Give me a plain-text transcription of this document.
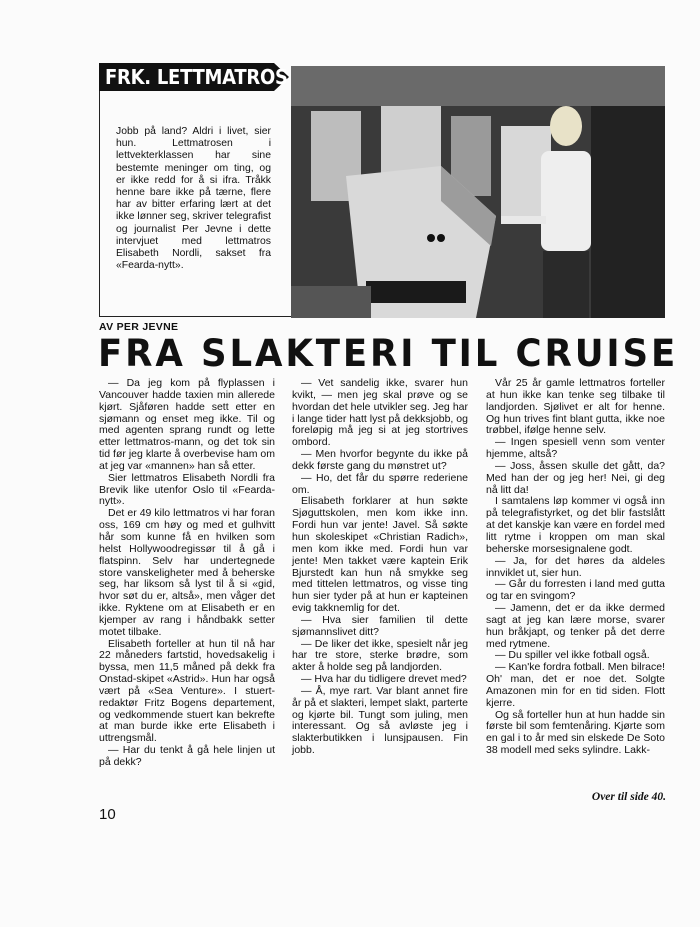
FRK. LETTMATROS
Jobb på land? Aldri i livet, sier hun. Lettmatrosen i lettvekterklassen har sine bestemte meninger om ting, og er ikke redd for å si ifra. Tråkk henne bare ikke på tærne, flere har av bitter erfaring lært at det ikke lønner seg, skriver telegrafist og journalist Per Jevne i dette intervjuet med lettmatros Elisabeth Nordli, sakset fra «Fearda-nytt».
AV PER JEVNE
FRA SLAKTERI TIL CRUISE

— Da jeg kom på flyplassen i Vancouver hadde taxien min allerede kjørt. Sjåføren hadde sett etter en sjømann og enset meg ikke. Til og med agenten sprang rundt og lette etter lettmatros-mann, og det tok sin tid før jeg klarte å overbevise ham om at jeg var «mannen» han så etter.

Sier lettmatros Elisabeth Nordli fra Brevik like utenfor Oslo til «Fearda-nytt».

Det er 49 kilo lettmatros vi har foran oss, 169 cm høy og med et gulhvitt hår som kunne få en hvilken som helst Hollywoodregissør til å gå i flatspinn. Selv har undertegnede store vanskeligheter med å beherske seg, har liksom så lyst til å si «gid, hvor søt du er, altså», men våger det ikke. Ryktene om at Elisabeth er en kjemper av rang i håndbakk setter motet tilbake.

Elisabeth forteller at hun til nå har 22 måneders fartstid, hovedsakelig i byssa, men 11,5 måned på dekk fra Onstad-skipet «Astrid». Hun har også vært på «Sea Venture». I stuert-redaktør Fritz Bogens departement, og vedkommende stuert kan bekrefte at man burde ikke erte Elisabeth i uttrengsmål.

— Har du tenkt å gå hele linjen ut på dekk?

— Vet sandelig ikke, svarer hun kvikt, — men jeg skal prøve og se hvordan det hele utvikler seg. Jeg har i lange tider hatt lyst på dekksjobb, og foreløpig må jeg si at jeg stortrives ombord.

— Men hvorfor begynte du ikke på dekk første gang du mønstret ut?

— Ho, det får du spørre rederiene om.

Elisabeth forklarer at hun søkte Sjøguttskolen, men kom ikke inn. Fordi hun var jente! Javel. Så søkte hun skoleskipet «Christian Radich», men kom ikke med. Fordi hun var jente! Men takket være kaptein Erik Bjurstedt kan hun nå smykke seg med tittelen lettmatros, og visse ting hun sier tyder på at hun er kapteinen evig takknemlig for det.

— Hva sier familien til dette sjømannslivet ditt?

— De liker det ikke, spesielt når jeg har tre store, sterke brødre, som akter å holde seg på landjorden.

— Hva har du tidligere drevet med?

— Å, mye rart. Var blant annet fire år på et slakteri, lempet slakt, parterte og kjørte bil. Tungt som juling, men interessant. Og så avløste jeg i slakterbutikken i lunsjpausen. Fin jobb.

Vår 25 år gamle lettmatros forteller at hun ikke kan tenke seg tilbake til landjorden. Sjølivet er alt for henne. Og hun trives fint blant gutta, ikke noe trøbbel, ifølge henne selv.

— Ingen spesiell venn som venter hjemme, altså?

— Joss, åssen skulle det gått, da? Med han der og jeg her! Nei, gi deg nå litt da!

I samtalens løp kommer vi også inn på telegrafistyrket, og det blir fastslått at det kanskje kan være en fordel med litt rytme i kroppen om man skal beherske morsesignalene godt.

— Ja, for det høres da aldeles innviklet ut, sier hun.

— Går du forresten i land med gutta og tar en svingom?

— Jamenn, det er da ikke dermed sagt at jeg kan lære morse, svarer hun bråkjapt, og tenker på det derre med rytmene.

— Du spiller vel ikke fotball også.

— Kan'ke fordra fotball. Men bilrace! Oh' man, det er noe det. Solgte Amazonen min for en tid siden. Flott kjerre.

Og så forteller hun at hun hadde sin første bil som femtenåring. Kjørte som en gal i to år med sin elskede De Soto 38 modell med seks sylindre. Lakk-

Over til side 40.
10
